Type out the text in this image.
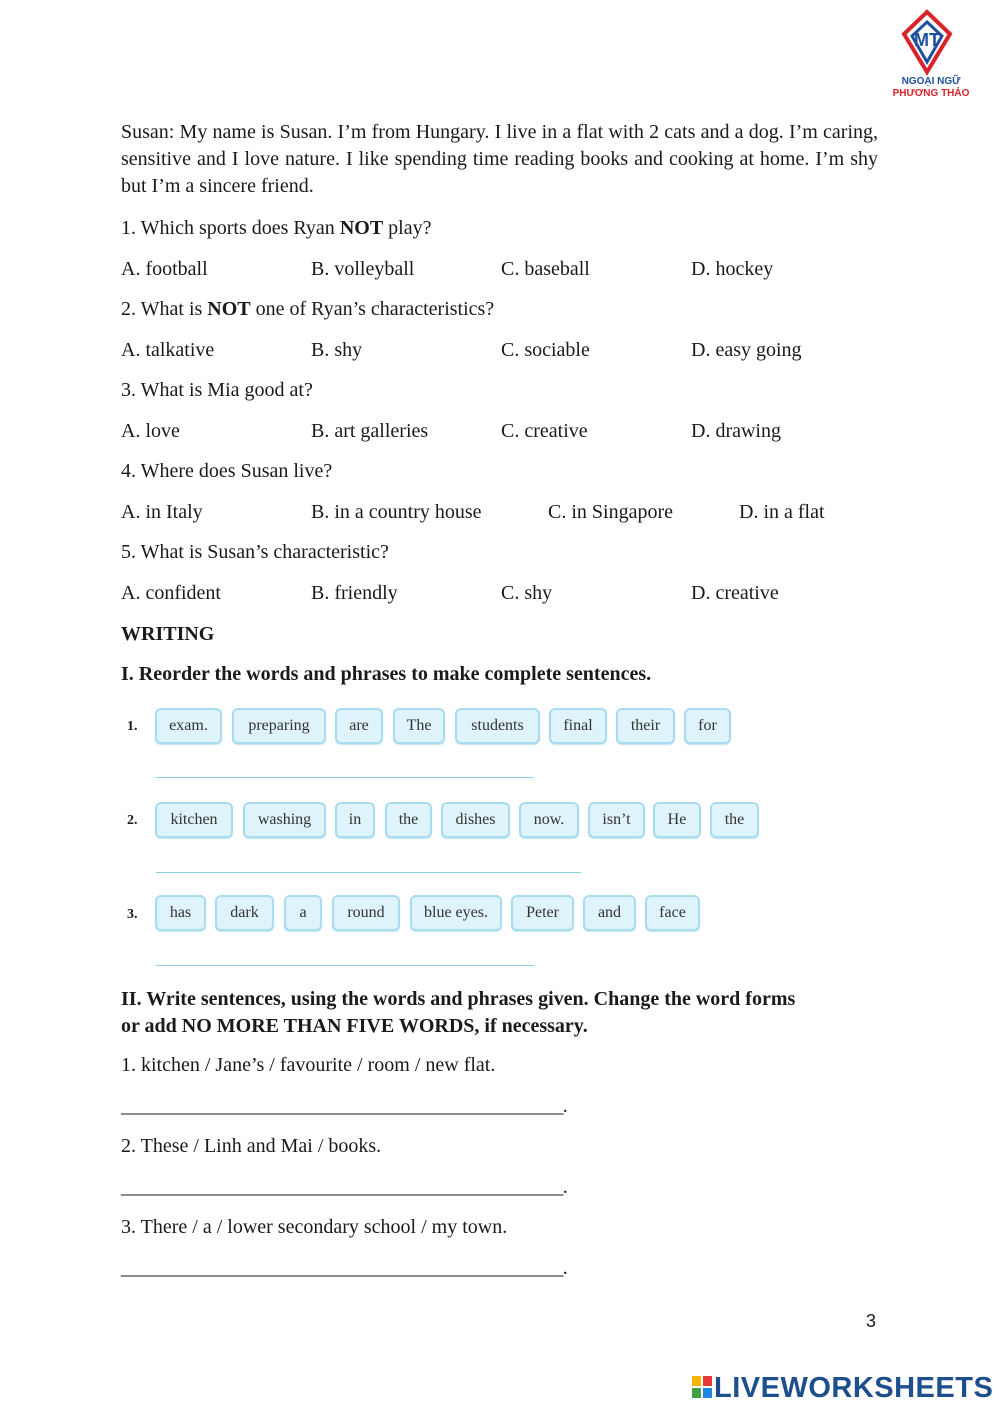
MT
NGOẠI NGỮ
PHƯƠNG THẢO
Susan: My name is Susan. I’m from Hungary. I live in a flat with 2 cats and a dog. I’m caring, sensitive and I love nature. I like spending time reading books and cooking at home. I’m shy but I’m a sincere friend.
1. Which sports does Ryan NOT play?
A. football	B. volleyball	C. baseball	D. hockey
2. What is NOT one of Ryan’s characteristics?
A. talkative	B. shy	C. sociable	D. easy going
3. What is Mia good at?
A. love	B. art galleries	C. creative	D. drawing
4. Where does Susan live?
A. in Italy	B. in a country house	C. in Singapore	D. in a flat
5. What is Susan’s characteristic?
A. confident	B. friendly	C. shy	D. creative
WRITING
I. Reorder the words and phrases to make complete sentences.
1.	exam.	preparing	are	The	students	final	their	for
2.	kitchen	washing	in	the	dishes	now.	isn’t	He	the
3.	has	dark	a	round	blue eyes.	Peter	and	face
II. Write sentences, using the words and phrases given. Change the word forms
or add NO MORE THAN FIVE WORDS, if necessary.
1. kitchen / Jane’s / favourite / room / new flat.
_______________________________________________.
2. These / Linh and Mai / books.
_______________________________________________.
3. There / a / lower secondary school / my town.
_______________________________________________.
3
LIVEWORKSHEETS
